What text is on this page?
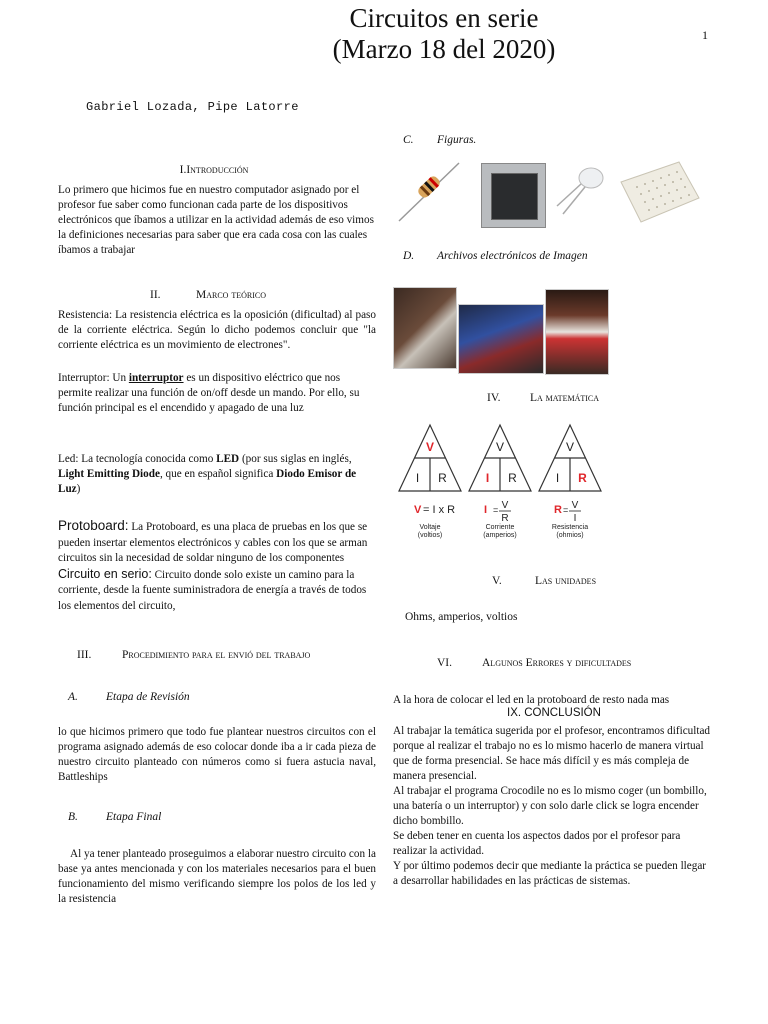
Circuitos en serie
(Marzo 18 del 2020)	1
Gabriel Lozada, Pipe Latorre
I.Introducción
Lo primero que hicimos fue en nuestro computador asignado por el profesor fue saber como funcionan cada parte de los dispositivos electrónicos que íbamos a utilizar en la actividad además de eso vimos la definiciones necesarias para saber que era cada cosa con las cuales íbamos a trabajar
II.	Marco teórico
Resistencia: La resistencia eléctrica es la oposición (dificultad) al paso de la corriente eléctrica. Según lo dicho podemos concluir que "la corriente eléctrica es un movimiento de electrones".
Interruptor: Un interruptor es un dispositivo eléctrico que nos permite realizar una función de on/off desde un mando. Por ello, su función principal es el encendido y apagado de una luz
Led: La tecnología conocida como LED (por sus siglas en inglés, Light Emitting Diode, que en español significa Diodo Emisor de Luz)
Protoboard: La Protoboard, es una placa de pruebas en los que se pueden insertar elementos electrónicos y cables con los que se arman circuitos sin la necesidad de soldar ninguno de los componentes Circuito en serio: Circuito donde solo existe un camino para la corriente, desde la fuente suministradora de energía a través de todos los elementos del circuito,
III.	Procedimiento para el envió del trabajo
A. Etapa de Revisión
lo que hicimos primero que todo fue plantear nuestros circuitos con el programa asignado además de eso colocar donde iba a ir cada pieza de nuestro circuito planteado con números como si fuera astucia naval, Battleships
B. Etapa Final
Al ya tener planteado proseguimos a elaborar nuestro circuito con la base ya antes mencionada y con los materiales necesarios para el buen funcionamiento del mismo verificando siempre los polos de los led y la resistencia
C. Figuras.
D. Archivos electrónicos de Imagen
IV.	La matemática
V
I R
V = I x R
Voltaje
(voltios)
V
I R
I = V
R
Corriente
(amperios)
V
I R
R = V
I
Resistencia
(ohmios)
V.	Las unidades
Ohms, amperios, voltios
VI.	Algunos Errores y dificultades
A la hora de colocar el led en la protoboard de resto nada mas
IX. CONCLUSIÓN
Al trabajar la temática sugerida por el profesor, encontramos dificultad porque al realizar el trabajo no es lo mismo hacerlo de manera virtual que de forma presencial. Se hace más difícil y es más compleja de manera presencial.
Al trabajar el programa Crocodile no es lo mismo coger (un bombillo, una batería o un interruptor) y con solo darle click se logra encender dicho bombillo.
Se deben tener en cuenta los aspectos dados por el profesor para realizar la actividad.
Y por último podemos decir que mediante la práctica se pueden llegar a desarrollar habilidades en las prácticas de sistemas.
